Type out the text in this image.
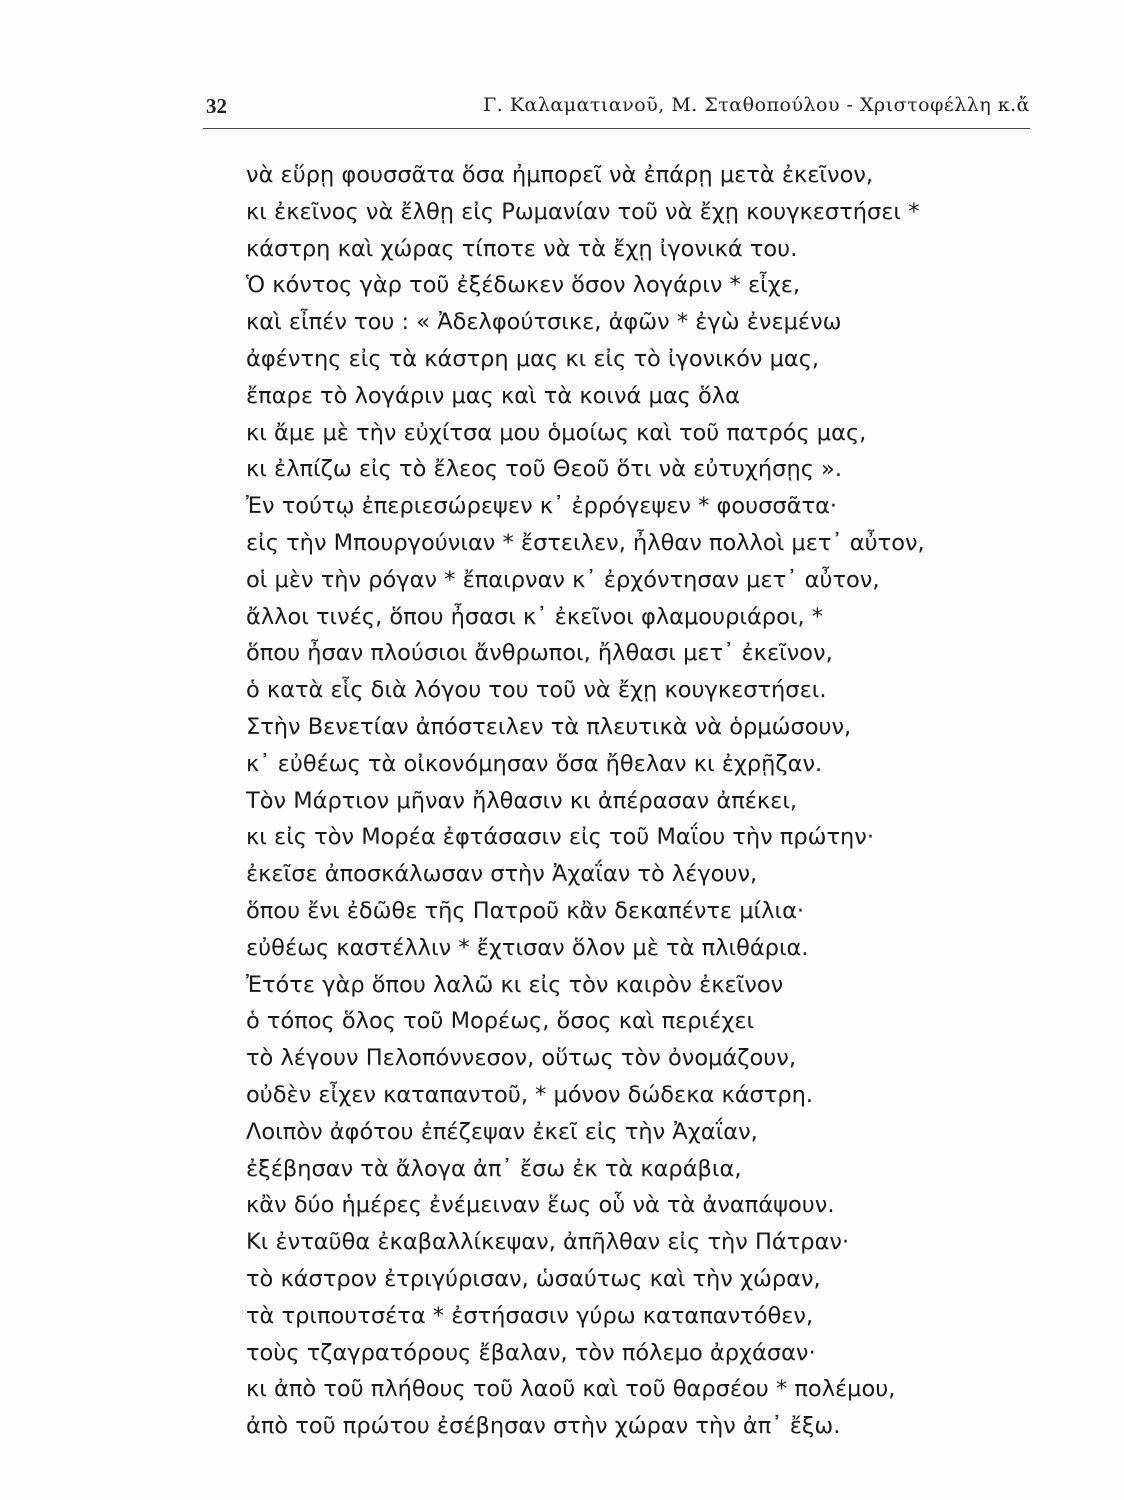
32	Γ. Καλαματιανοῦ, Μ. Σταθοπούλου - Χριστοφέλλη κ.ἄ
νὰ εὕρῃ φουσσᾶτα ὅσα ἠμπορεῖ νὰ ἐπάρῃ μετὰ ἐκεῖνον,
κι ἐκεῖνος νὰ ἔλθῃ εἰς Ρωμανίαν τοῦ νὰ ἔχῃ κουγκεστήσει *
κάστρη καὶ χώρας τίποτε νὰ τὰ ἔχῃ ἰγονικά του.
Ὁ κόντος γὰρ τοῦ ἐξέδωκεν ὅσον λογάριν * εἶχε,
καὶ εἶπέν του : « Ἀδελφούτσικε, ἀφῶν * ἐγὼ ἐνεμένω
ἀφέντης εἰς τὰ κάστρη μας κι εἰς τὸ ἰγονικόν μας,
ἔπαρε τὸ λογάριν μας καὶ τὰ κοινά μας ὅλα
κι ἄμε μὲ τὴν εὐχίτσα μου ὁμοίως καὶ τοῦ πατρός μας,
κι ἐλπίζω εἰς τὸ ἔλεος τοῦ Θεοῦ ὅτι νὰ εὐτυχήσῃς ».
Ἐν τούτῳ ἐπεριεσώρεψεν κ᾿ ἐρρόγεψεν * φουσσᾶτα·
εἰς τὴν Μπουργούνιαν * ἔστειλεν, ἦλθαν πολλοὶ μετ᾿ αὖτον,
οἱ μὲν τὴν ρόγαν * ἔπαιρναν κ᾿ ἐρχόντησαν μετ᾿ αὖτον,
ἄλλοι τινές, ὅπου ἦσασι κ᾿ ἐκεῖνοι φλαμουριάροι, *
ὅπου ἦσαν πλούσιοι ἄνθρωποι, ἤλθασι μετ᾿ ἐκεῖνον,
ὁ κατὰ εἷς διὰ λόγου του τοῦ νὰ ἔχῃ κουγκεστήσει.
Στὴν Βενετίαν ἀπόστειλεν τὰ πλευτικὰ νὰ ὁρμώσουν,
κ᾿ εὐθέως τὰ οἰκονόμησαν ὅσα ἤθελαν κι ἐχρῇζαν.
Τὸν Μάρτιον μῆναν ἤλθασιν κι ἀπέρασαν ἀπέκει,
κι εἰς τὸν Μορέα ἐφτάσασιν εἰς τοῦ Μαΐου τὴν πρώτην·
ἐκεῖσε ἀποσκάλωσαν στὴν Ἀχαΐαν τὸ λέγουν,
ὅπου ἔνι ἐδῶθε τῆς Πατροῦ κἂν δεκαπέντε μίλια·
εὐθέως καστέλλιν * ἔχτισαν ὅλον μὲ τὰ πλιθάρια.
Ἐτότε γὰρ ὅπου λαλῶ κι εἰς τὸν καιρὸν ἐκεῖνον
ὁ τόπος ὅλος τοῦ Μορέως, ὅσος καὶ περιέχει
τὸ λέγουν Πελοπόννεσον, οὕτως τὸν ὀνομάζουν,
οὐδὲν εἶχεν καταπαντοῦ, * μόνον δώδεκα κάστρη.
Λοιπὸν ἀφότου ἐπέζεψαν ἐκεῖ εἰς τὴν Ἀχαΐαν,
ἐξέβησαν τὰ ἄλογα ἀπ᾿ ἔσω ἐκ τὰ καράβια,
κἂν δύο ἡμέρες ἐνέμειναν ἕως οὗ νὰ τὰ ἀναπάψουν.
Κι ἐνταῦθα ἐκαβαλλίκεψαν, ἀπῆλθαν εἰς τὴν Πάτραν·
τὸ κάστρον ἐτριγύρισαν, ὡσαύτως καὶ τὴν χώραν,
τὰ τριπουτσέτα * ἐστήσασιν γύρω καταπαντόθεν,
τοὺς τζαγρατόρους ἔβαλαν, τὸν πόλεμο ἀρχάσαν·
κι ἀπὸ τοῦ πλήθους τοῦ λαοῦ καὶ τοῦ θαρσέου * πολέμου,
ἀπὸ τοῦ πρώτου ἐσέβησαν στὴν χώραν τὴν ἀπ᾿ ἔξω.
